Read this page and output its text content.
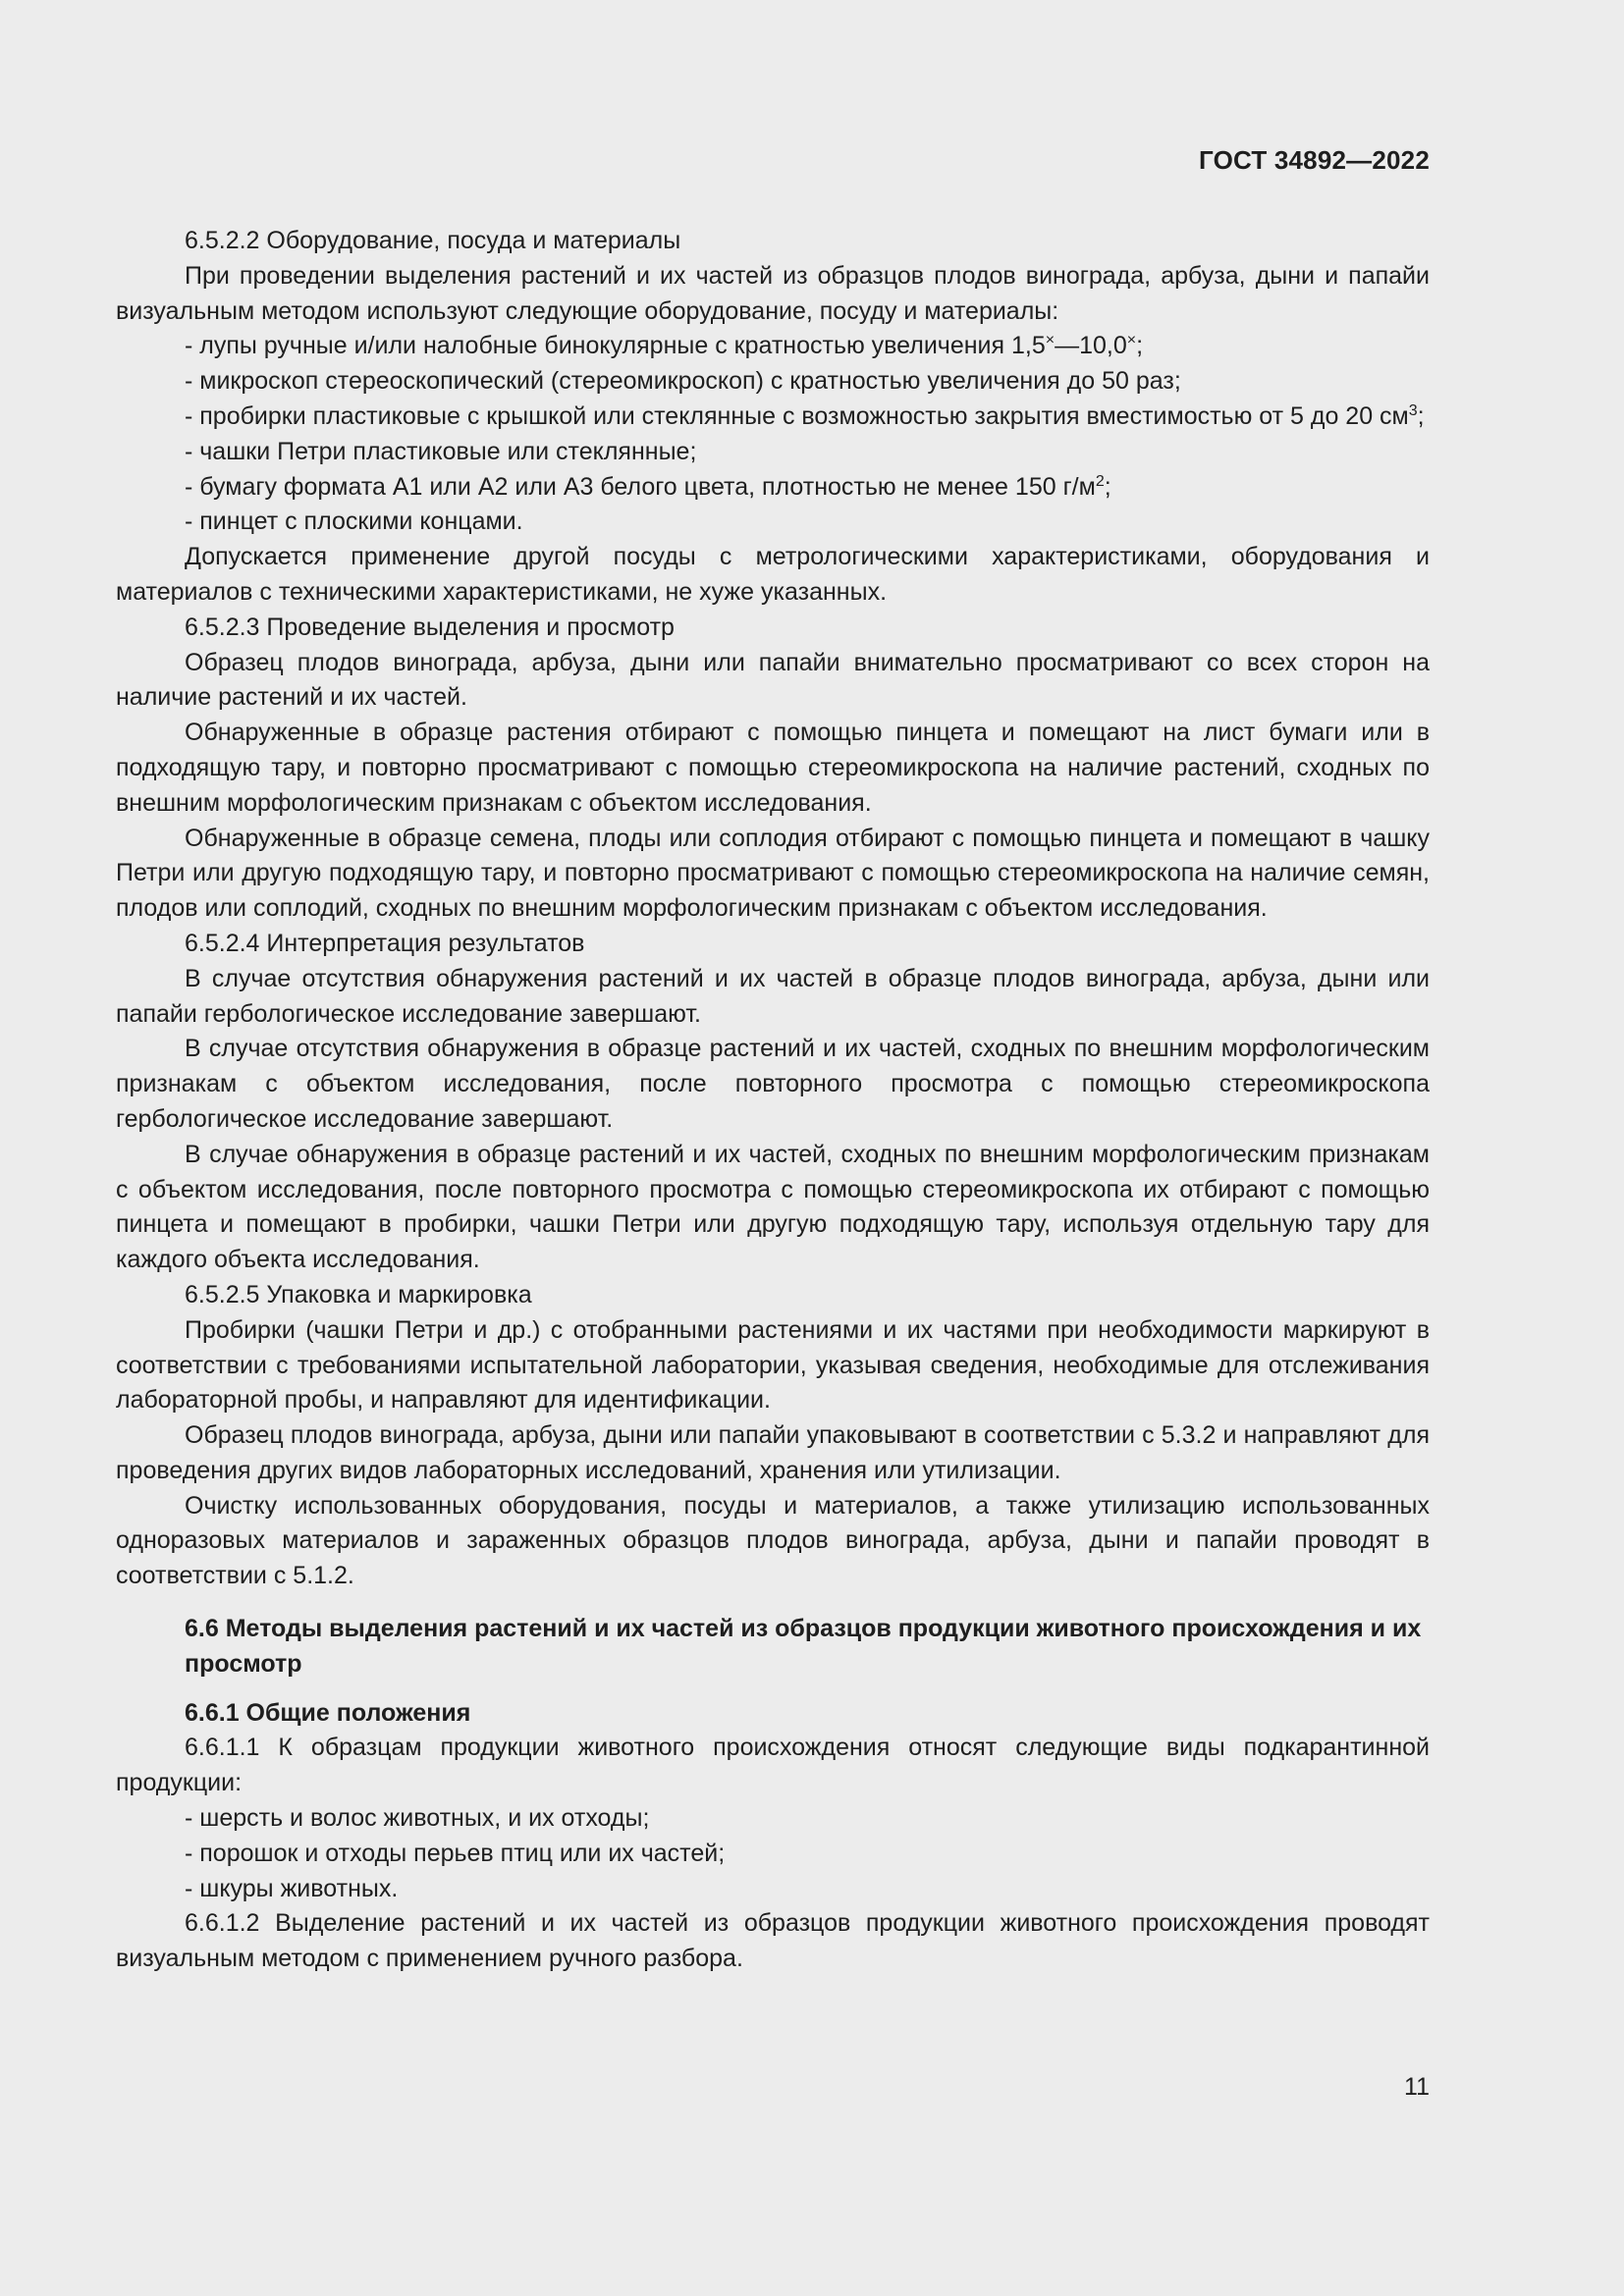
ГОСТ 34892—2022

6.5.2.2 Оборудование, посуда и материалы

При проведении выделения растений и их частей из образцов плодов винограда, арбуза, дыни и папайи визуальным методом используют следующие оборудование, посуду и материалы:

- лупы ручные и/или налобные бинокулярные с кратностью увеличения 1,5×—10,0×;

- микроскоп стереоскопический (стереомикроскоп) с кратностью увеличения до 50 раз;

- пробирки пластиковые с крышкой или стеклянные с возможностью закрытия вместимостью от 5 до 20 $см^3$;

- чашки Петри пластиковые или стеклянные;

- бумагу формата А1 или А2 или А3 белого цвета, плотностью не менее 150 $г/м^2$;

- пинцет с плоскими концами.

Допускается применение другой посуды с метрологическими характеристиками, оборудования и материалов с техническими характеристиками, не хуже указанных.

6.5.2.3 Проведение выделения и просмотр

Образец плодов винограда, арбуза, дыни или папайи внимательно просматривают со всех сторон на наличие растений и их частей.

Обнаруженные в образце растения отбирают с помощью пинцета и помещают на лист бумаги или в подходящую тару, и повторно просматривают с помощью стереомикроскопа на наличие растений, сходных по внешним морфологическим признакам с объектом исследования.

Обнаруженные в образце семена, плоды или соплодия отбирают с помощью пинцета и помещают в чашку Петри или другую подходящую тару, и повторно просматривают с помощью стереомикроскопа на наличие семян, плодов или соплодий, сходных по внешним морфологическим признакам с объектом исследования.

6.5.2.4 Интерпретация результатов

В случае отсутствия обнаружения растений и их частей в образце плодов винограда, арбуза, дыни или папайи гербологическое исследование завершают.

В случае отсутствия обнаружения в образце растений и их частей, сходных по внешним морфологическим признакам с объектом исследования, после повторного просмотра с помощью стереомикроскопа гербологическое исследование завершают.

В случае обнаружения в образце растений и их частей, сходных по внешним морфологическим признакам с объектом исследования, после повторного просмотра с помощью стереомикроскопа их отбирают с помощью пинцета и помещают в пробирки, чашки Петри или другую подходящую тару, используя отдельную тару для каждого объекта исследования.

6.5.2.5 Упаковка и маркировка

Пробирки (чашки Петри и др.) с отобранными растениями и их частями при необходимости маркируют в соответствии с требованиями испытательной лаборатории, указывая сведения, необходимые для отслеживания лабораторной пробы, и направляют для идентификации.

Образец плодов винограда, арбуза, дыни или папайи упаковывают в соответствии с 5.3.2 и направляют для проведения других видов лабораторных исследований, хранения или утилизации.

Очистку использованных оборудования, посуды и материалов, а также утилизацию использованных одноразовых материалов и зараженных образцов плодов винограда, арбуза, дыни и папайи проводят в соответствии с 5.1.2.

6.6 Методы выделения растений и их частей из образцов продукции животного происхождения и их просмотр

6.6.1 Общие положения

6.6.1.1 К образцам продукции животного происхождения относят следующие виды подкарантинной продукции:

- шерсть и волос животных, и их отходы;

- порошок и отходы перьев птиц или их частей;

- шкуры животных.

6.6.1.2 Выделение растений и их частей из образцов продукции животного происхождения проводят визуальным методом с применением ручного разбора.

11
